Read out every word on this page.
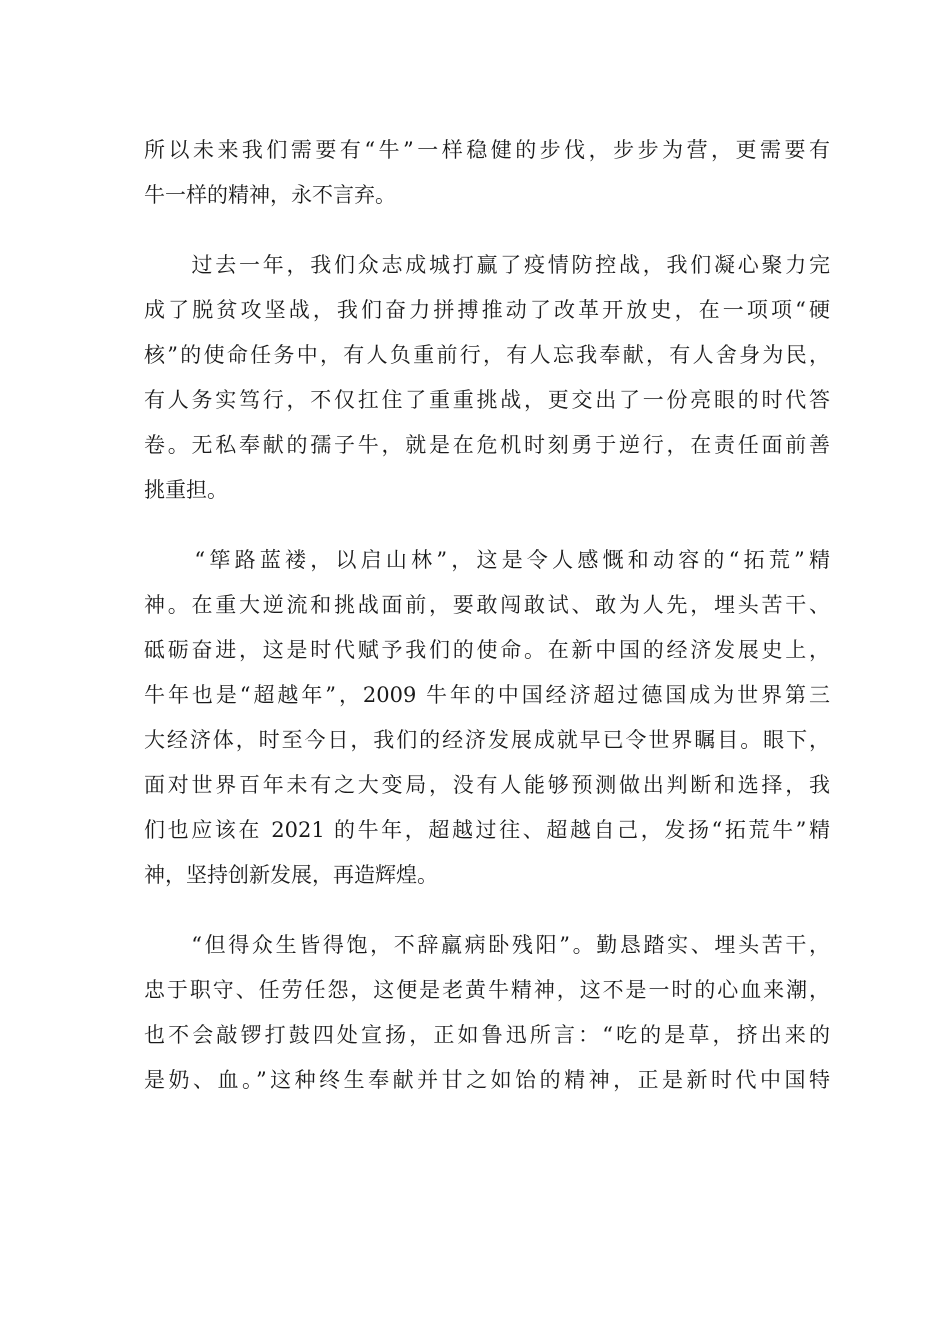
所以未来我们需要有“牛”一样稳健的步伐，步步为营，更需要有
牛一样的精神，永不言弃。
　　过去一年，我们众志成城打赢了疫情防控战，我们凝心聚力完
成了脱贫攻坚战，我们奋力拼搏推动了改革开放史，在一项项“硬
核”的使命任务中，有人负重前行，有人忘我奉献，有人舍身为民，
有人务实笃行，不仅扛住了重重挑战，更交出了一份亮眼的时代答
卷。无私奉献的孺子牛，就是在危机时刻勇于逆行，在责任面前善
挑重担。
　　“筚路蓝褛，以启山林”，这是令人感慨和动容的“拓荒”精
神。在重大逆流和挑战面前，要敢闯敢试、敢为人先，埋头苦干、
砥砺奋进，这是时代赋予我们的使命。在新中国的经济发展史上，
牛年也是“超越年”，2009 牛年的中国经济超过德国成为世界第三
大经济体，时至今日，我们的经济发展成就早已令世界瞩目。眼下，
面对世界百年未有之大变局，没有人能够预测做出判断和选择，我
们也应该在 2021 的牛年，超越过往、超越自己，发扬“拓荒牛”精
神，坚持创新发展，再造辉煌。
　　“但得众生皆得饱，不辞羸病卧残阳”。勤恳踏实、埋头苦干，
忠于职守、任劳任怨，这便是老黄牛精神，这不是一时的心血来潮，
也不会敲锣打鼓四处宣扬，正如鲁迅所言：“吃的是草，挤出来的
是奶、血。”这种终生奉献并甘之如饴的精神，正是新时代中国特
